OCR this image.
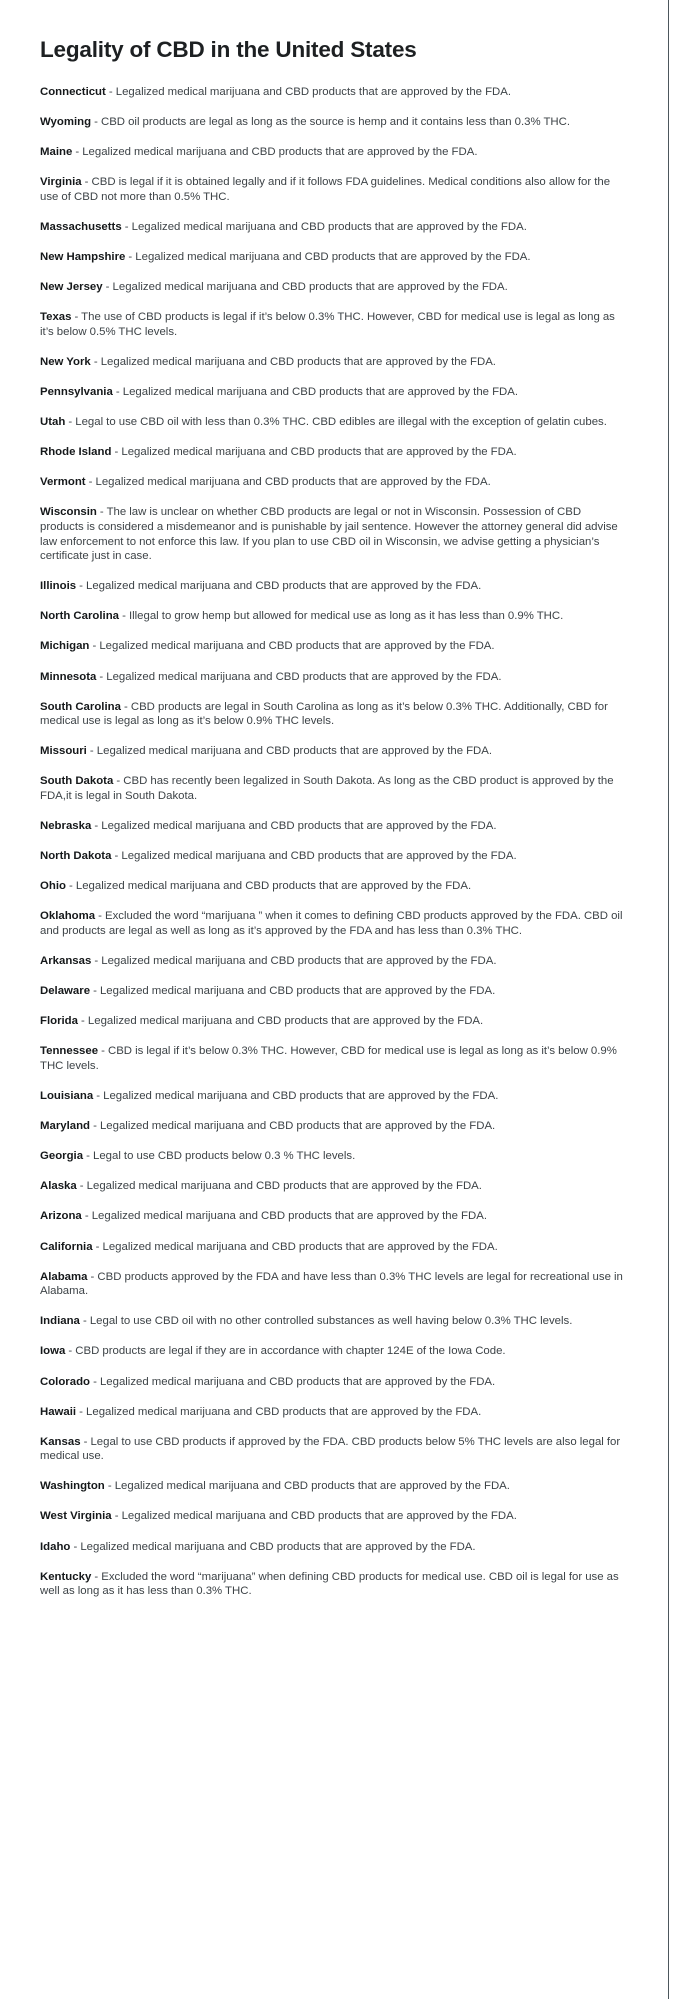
Legality of CBD in the United States
Connecticut - Legalized medical marijuana and CBD products that are approved by the FDA.
Wyoming - CBD oil products are legal as long as the source is hemp and it contains less than 0.3% THC.
Maine - Legalized medical marijuana and CBD products that are approved by the FDA.
Virginia - CBD is legal if it is obtained legally and if it follows FDA guidelines. Medical conditions also allow for the use of CBD not more than 0.5% THC.
Massachusetts - Legalized medical marijuana and CBD products that are approved by the FDA.
New Hampshire - Legalized medical marijuana and CBD products that are approved by the FDA.
New Jersey - Legalized medical marijuana and CBD products that are approved by the FDA.
Texas - The use of CBD products is legal if it’s below 0.3% THC. However, CBD for medical use is legal as long as it’s below 0.5% THC levels.
New York - Legalized medical marijuana and CBD products that are approved by the FDA.
Pennsylvania - Legalized medical marijuana and CBD products that are approved by the FDA.
Utah - Legal to use CBD oil with less than 0.3% THC. CBD edibles are illegal with the exception of gelatin cubes.
Rhode Island - Legalized medical marijuana and CBD products that are approved by the FDA.
Vermont - Legalized medical marijuana and CBD products that are approved by the FDA.
Wisconsin - The law is unclear on whether CBD products are legal or not in Wisconsin. Possession of CBD products is considered a misdemeanor and is punishable by jail sentence. However the attorney general did advise law enforcement to not enforce this law. If you plan to use CBD oil in Wisconsin, we advise getting a physician’s certificate just in case.
Illinois - Legalized medical marijuana and CBD products that are approved by the FDA.
North Carolina - Illegal to grow hemp but allowed for medical use as long as it has less than 0.9% THC.
Michigan - Legalized medical marijuana and CBD products that are approved by the FDA.
Minnesota - Legalized medical marijuana and CBD products that are approved by the FDA.
South Carolina - CBD products are legal in South Carolina as long as it’s below 0.3% THC. Additionally, CBD for medical use is legal as long as it’s below 0.9% THC levels.
Missouri - Legalized medical marijuana and CBD products that are approved by the FDA.
South Dakota - CBD has recently been legalized in South Dakota. As long as the CBD product is approved by the FDA,it is legal in South Dakota.
Nebraska - Legalized medical marijuana and CBD products that are approved by the FDA.
North Dakota - Legalized medical marijuana and CBD products that are approved by the FDA.
Ohio - Legalized medical marijuana and CBD products that are approved by the FDA.
Oklahoma - Excluded the word “marijuana ” when it comes to defining CBD products approved by the FDA. CBD oil and products are legal as well as long as it’s approved by the FDA and has less than 0.3% THC.
Arkansas - Legalized medical marijuana and CBD products that are approved by the FDA.
Delaware - Legalized medical marijuana and CBD products that are approved by the FDA.
Florida - Legalized medical marijuana and CBD products that are approved by the FDA.
Tennessee - CBD is legal if it’s below 0.3% THC. However, CBD for medical use is legal as long as it’s below 0.9% THC levels.
Louisiana - Legalized medical marijuana and CBD products that are approved by the FDA.
Maryland - Legalized medical marijuana and CBD products that are approved by the FDA.
Georgia - Legal to use CBD products below 0.3 % THC levels.
Alaska - Legalized medical marijuana and CBD products that are approved by the FDA.
Arizona - Legalized medical marijuana and CBD products that are approved by the FDA.
California - Legalized medical marijuana and CBD products that are approved by the FDA.
Alabama - CBD products approved by the FDA and have less than 0.3% THC levels are legal for recreational use in Alabama.
Indiana - Legal to use CBD oil with no other controlled substances as well having below 0.3% THC levels.
Iowa - CBD products are legal if they are in accordance with chapter 124E of the Iowa Code.
Colorado - Legalized medical marijuana and CBD products that are approved by the FDA.
Hawaii - Legalized medical marijuana and CBD products that are approved by the FDA.
Kansas - Legal to use CBD products if approved by the FDA. CBD products below 5% THC levels are also legal for medical use.
Washington - Legalized medical marijuana and CBD products that are approved by the FDA.
West Virginia - Legalized medical marijuana and CBD products that are approved by the FDA.
Idaho - Legalized medical marijuana and CBD products that are approved by the FDA.
Kentucky - Excluded the word “marijuana” when defining CBD products for medical use. CBD oil is legal for use as well as long as it has less than 0.3% THC.
